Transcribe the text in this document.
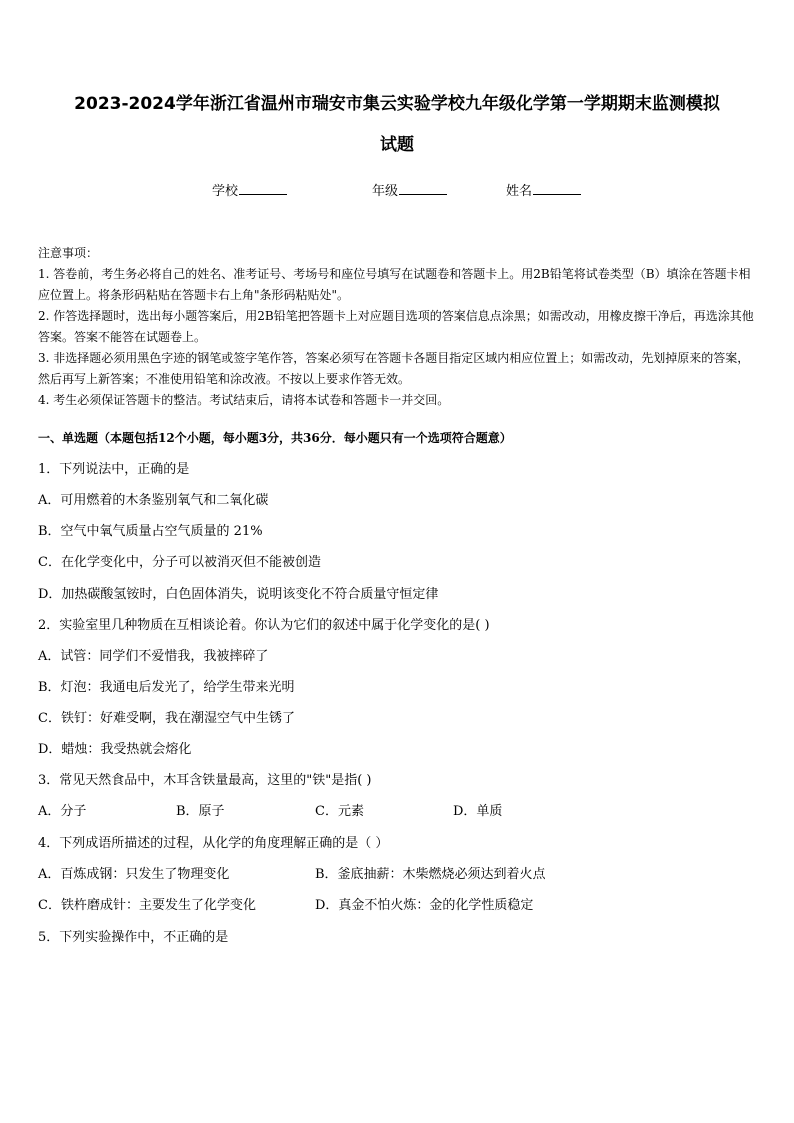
2023-2024学年浙江省温州市瑞安市集云实验学校九年级化学第一学期期末监测模拟
试题
学校	年级	姓名

注意事项：

1. 答卷前，考生务必将自己的姓名、准考证号、考场号和座位号填写在试题卷和答题卡上。用2B铅笔将试卷类型（B）填涂在答题卡相应位置上。将条形码粘贴在答题卡右上角"条形码粘贴处"。

2. 作答选择题时，选出每小题答案后，用2B铅笔把答题卡上对应题目选项的答案信息点涂黑；如需改动，用橡皮擦干净后，再选涂其他答案。答案不能答在试题卷上。

3. 非选择题必须用黑色字迹的钢笔或签字笔作答，答案必须写在答题卡各题目指定区域内相应位置上；如需改动，先划掉原来的答案，然后再写上新答案；不准使用铅笔和涂改液。不按以上要求作答无效。

4. 考生必须保证答题卡的整洁。考试结束后，请将本试卷和答题卡一并交回。

一、单选题（本题包括12个小题，每小题3分，共36分．每小题只有一个选项符合题意）
1．下列说法中，正确的是
A．可用燃着的木条鉴别氧气和二氧化碳
B．空气中氧气质量占空气质量的 21%
C．在化学变化中，分子可以被消灭但不能被创造
D．加热碳酸氢铵时，白色固体消失，说明该变化不符合质量守恒定律
2．实验室里几种物质在互相谈论着。你认为它们的叙述中属于化学变化的是( )
A．试管：同学们不爱惜我，我被摔碎了
B．灯泡：我通电后发光了，给学生带来光明
C．铁钉：好难受啊，我在潮湿空气中生锈了
D．蜡烛：我受热就会熔化
3．常见天然食品中，木耳含铁量最高，这里的"铁"是指( )
A．分子	B．原子	C．元素	D．单质
4．下列成语所描述的过程，从化学的角度理解正确的是（ ）
A．百炼成钢：只发生了物理变化	B．釜底抽薪：木柴燃烧必须达到着火点
C．铁杵磨成针：主要发生了化学变化	D．真金不怕火炼：金的化学性质稳定
5．下列实验操作中，不正确的是
